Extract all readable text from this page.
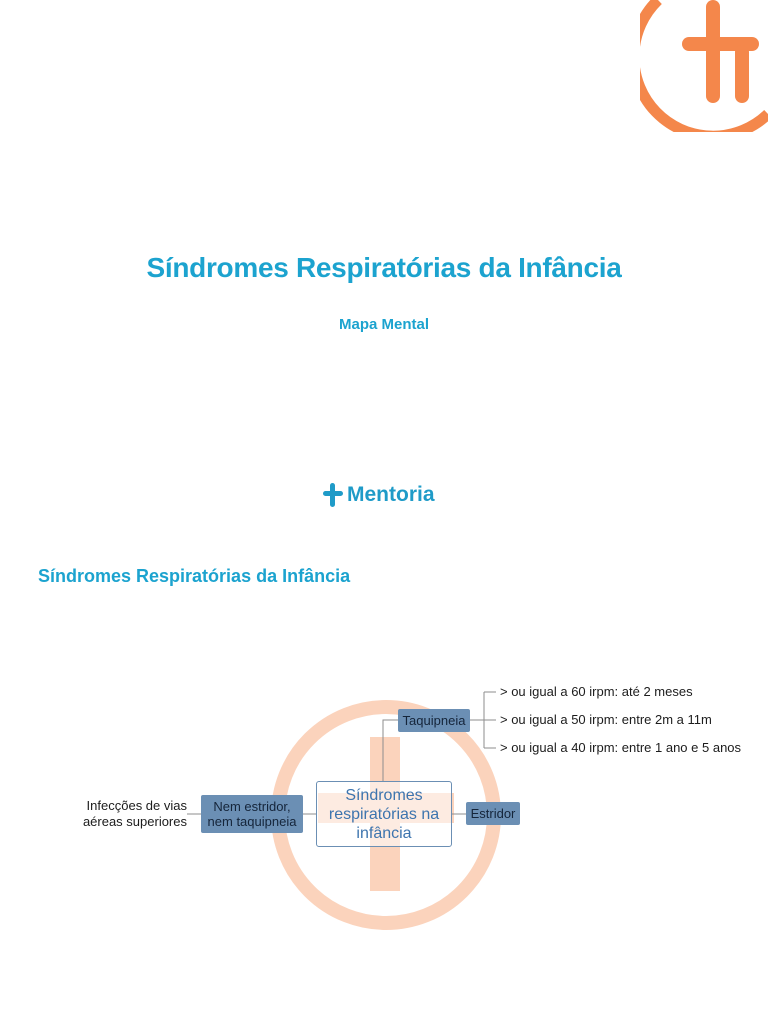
Síndromes Respiratórias da Infância
Mapa Mental
Mentoria
Síndromes Respiratórias da Infância
Taquipneia
Nem estridor, nem taquipneia
Estridor
Síndromes respiratórias na infância
Infecções de vias aéreas superiores
> ou igual a 60 irpm: até 2 meses
> ou igual a 50 irpm: entre 2m a 11m
> ou igual a 40 irpm: entre 1 ano e 5 anos
